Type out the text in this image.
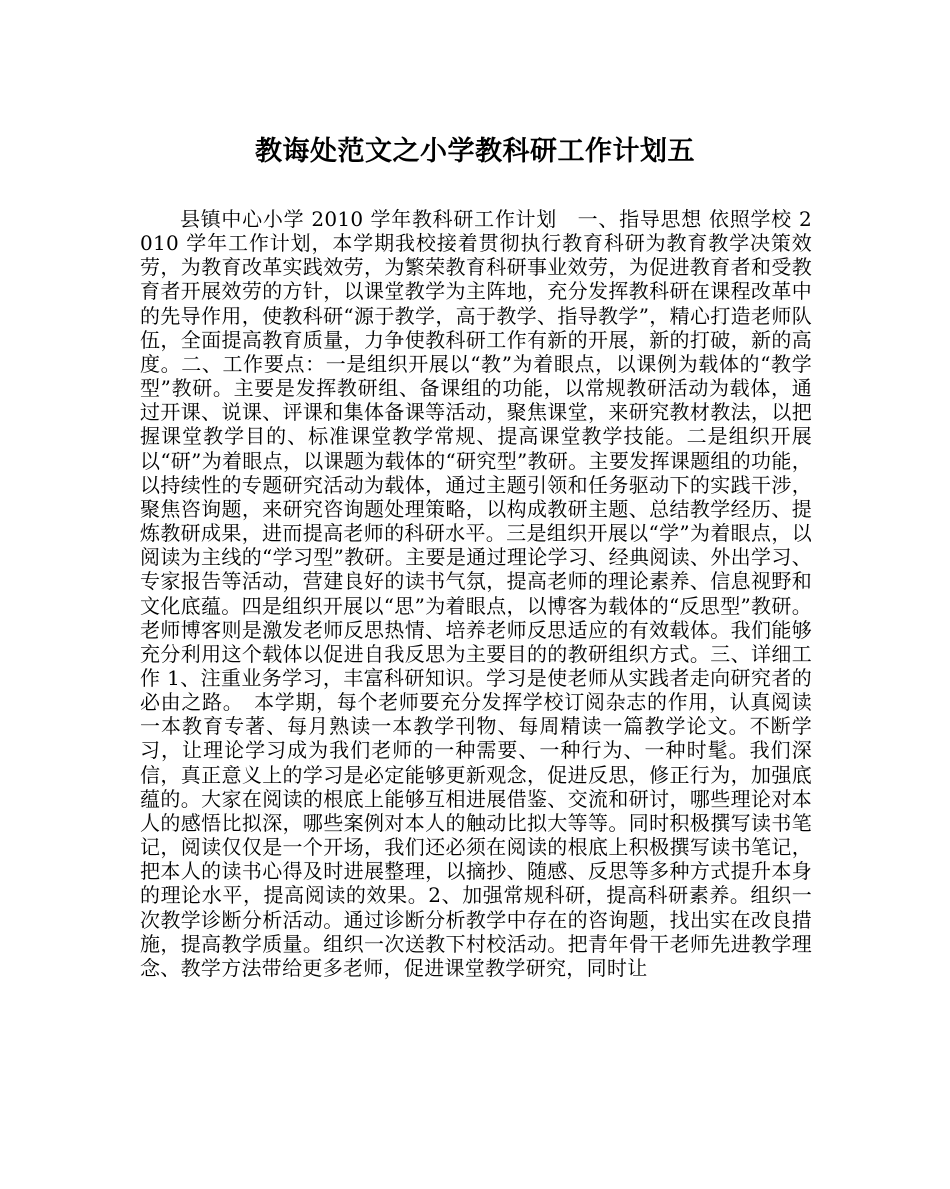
教诲处范文之小学教科研工作计划五

县镇中心小学 2010 学年教科研工作计划　一、指导思想 依照学校 2010 学年工作计划，本学期我校接着贯彻执行教育科研为教育教学决策效劳，为教育改革实践效劳，为繁荣教育科研事业效劳，为促进教育者和受教育者开展效劳的方针，以课堂教学为主阵地，充分发挥教科研在课程改革中的先导作用，使教科研“源于教学，高于教学、指导教学”，精心打造老师队伍，全面提高教育质量，力争使教科研工作有新的开展，新的打破，新的高度。二、工作要点：一是组织开展以“教”为着眼点，以课例为载体的“教学型”教研。主要是发挥教研组、备课组的功能，以常规教研活动为载体，通过开课、说课、评课和集体备课等活动，聚焦课堂，来研究教材教法，以把握课堂教学目的、标准课堂教学常规、提高课堂教学技能。二是组织开展以“研”为着眼点，以课题为载体的“研究型”教研。主要发挥课题组的功能，以持续性的专题研究活动为载体，通过主题引领和任务驱动下的实践干涉，聚焦咨询题，来研究咨询题处理策略，以构成教研主题、总结教学经历、提炼教研成果，进而提高老师的科研水平。三是组织开展以“学”为着眼点，以阅读为主线的“学习型”教研。主要是通过理论学习、经典阅读、外出学习、专家报告等活动，营建良好的读书气氛，提高老师的理论素养、信息视野和文化底蕴。四是组织开展以“思”为着眼点，以博客为载体的“反思型”教研。老师博客则是激发老师反思热情、培养老师反思适应的有效载体。我们能够充分利用这个载体以促进自我反思为主要目的的教研组织方式。三、详细工作 1、注重业务学习，丰富科研知识。学习是使老师从实践者走向研究者的必由之路。　本学期，每个老师要充分发挥学校订阅杂志的作用，认真阅读一本教育专著、每月熟读一本教学刊物、每周精读一篇教学论文。不断学习，让理论学习成为我们老师的一种需要、一种行为、一种时髦。我们深信，真正意义上的学习是必定能够更新观念，促进反思，修正行为，加强底蕴的。大家在阅读的根底上能够互相进展借鉴、交流和研讨，哪些理论对本人的感悟比拟深，哪些案例对本人的触动比拟大等等。同时积极撰写读书笔记，阅读仅仅是一个开场，我们还必须在阅读的根底上积极撰写读书笔记，把本人的读书心得及时进展整理，以摘抄、随感、反思等多种方式提升本身的理论水平，提高阅读的效果。2、加强常规科研，提高科研素养。组织一次教学诊断分析活动。通过诊断分析教学中存在的咨询题，找出实在改良措施，提高教学质量。组织一次送教下村校活动。把青年骨干老师先进教学理念、教学方法带给更多老师，促进课堂教学研究，同时让
